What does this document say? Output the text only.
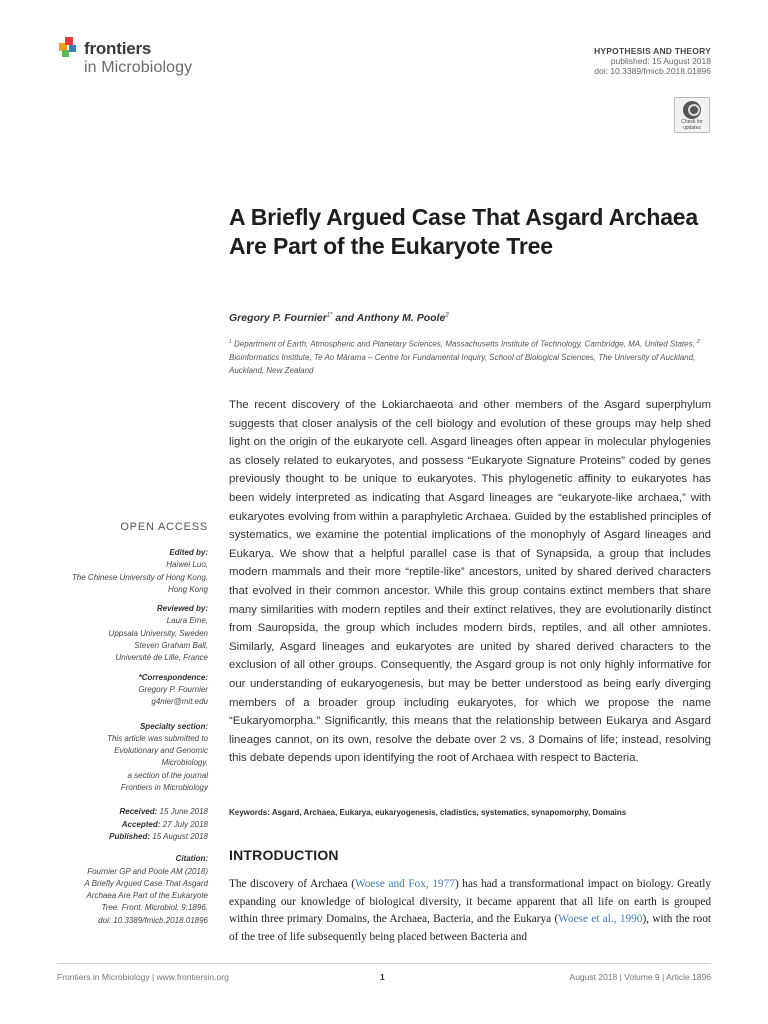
frontiers
in Microbiology
HYPOTHESIS AND THEORY
published: 15 August 2018
doi: 10.3389/fmicb.2018.01896
Check for
updates
A Briefly Argued Case That Asgard Archaea Are Part of the Eukaryote Tree
Gregory P. Fournier$^{1*}$ and Anthony M. Poole$^2$
$^1$ Department of Earth, Atmospheric and Planetary Sciences, Massachusetts Institute of Technology, Cambridge, MA, United States, $^2$ Bioinformatics Institute, Te Ao Mārama – Centre for Fundamental Inquiry, School of Biological Sciences, The University of Auckland, Auckland, New Zealand
The recent discovery of the Lokiarchaeota and other members of the Asgard superphylum suggests that closer analysis of the cell biology and evolution of these groups may help shed light on the origin of the eukaryote cell. Asgard lineages often appear in molecular phylogenies as closely related to eukaryotes, and possess “Eukaryote Signature Proteins” coded by genes previously thought to be unique to eukaryotes. This phylogenetic affinity to eukaryotes has been widely interpreted as indicating that Asgard lineages are “eukaryote-like archaea,” with eukaryotes evolving from within a paraphyletic Archaea. Guided by the established principles of systematics, we examine the potential implications of the monophyly of Asgard lineages and Eukarya. We show that a helpful parallel case is that of Synapsida, a group that includes modern mammals and their more “reptile-like” ancestors, united by shared derived characters that evolved in their common ancestor. While this group contains extinct members that share many similarities with modern reptiles and their extinct relatives, they are evolutionarily distinct from Sauropsida, the group which includes modern birds, reptiles, and all other amniotes. Similarly, Asgard lineages and eukaryotes are united by shared derived characters to the exclusion of all other groups. Consequently, the Asgard group is not only highly informative for our understanding of eukaryogenesis, but may be better understood as being early diverging members of a broader group including eukaryotes, for which we propose the name “Eukaryomorpha.” Significantly, this means that the relationship between Eukarya and Asgard lineages cannot, on its own, resolve the debate over 2 vs. 3 Domains of life; instead, resolving this debate depends upon identifying the root of Archaea with respect to Bacteria.
Keywords: Asgard, Archaea, Eukarya, eukaryogenesis, cladistics, systematics, synapomorphy, Domains
INTRODUCTION
The discovery of Archaea (Woese and Fox, 1977) has had a transformational impact on biology. Greatly expanding our knowledge of biological diversity, it became apparent that all life on earth is grouped within three primary Domains, the Archaea, Bacteria, and the Eukarya (Woese et al., 1990), with the root of the tree of life subsequently being placed between Bacteria and
OPEN ACCESS
Edited by:
Haiwei Luo,
The Chinese University of Hong Kong,
Hong Kong
Reviewed by:
Laura Eme,
Uppsala University, Sweden
Steven Graham Ball,
Université de Lille, France
*Correspondence:
Gregory P. Fournier
g4nier@mit.edu
Specialty section:
This article was submitted to
Evolutionary and Genomic
Microbiology,
a section of the journal
Frontiers in Microbiology
Received: 15 June 2018
Accepted: 27 July 2018
Published: 15 August 2018
Citation:
Fournier GP and Poole AM (2018)
A Briefly Argued Case That Asgard
Archaea Are Part of the Eukaryote
Tree. Front. Microbiol. 9:1896.
doi: 10.3389/fmicb.2018.01896
Frontiers in Microbiology | www.frontiersin.org	1	August 2018 | Volume 9 | Article 1896
